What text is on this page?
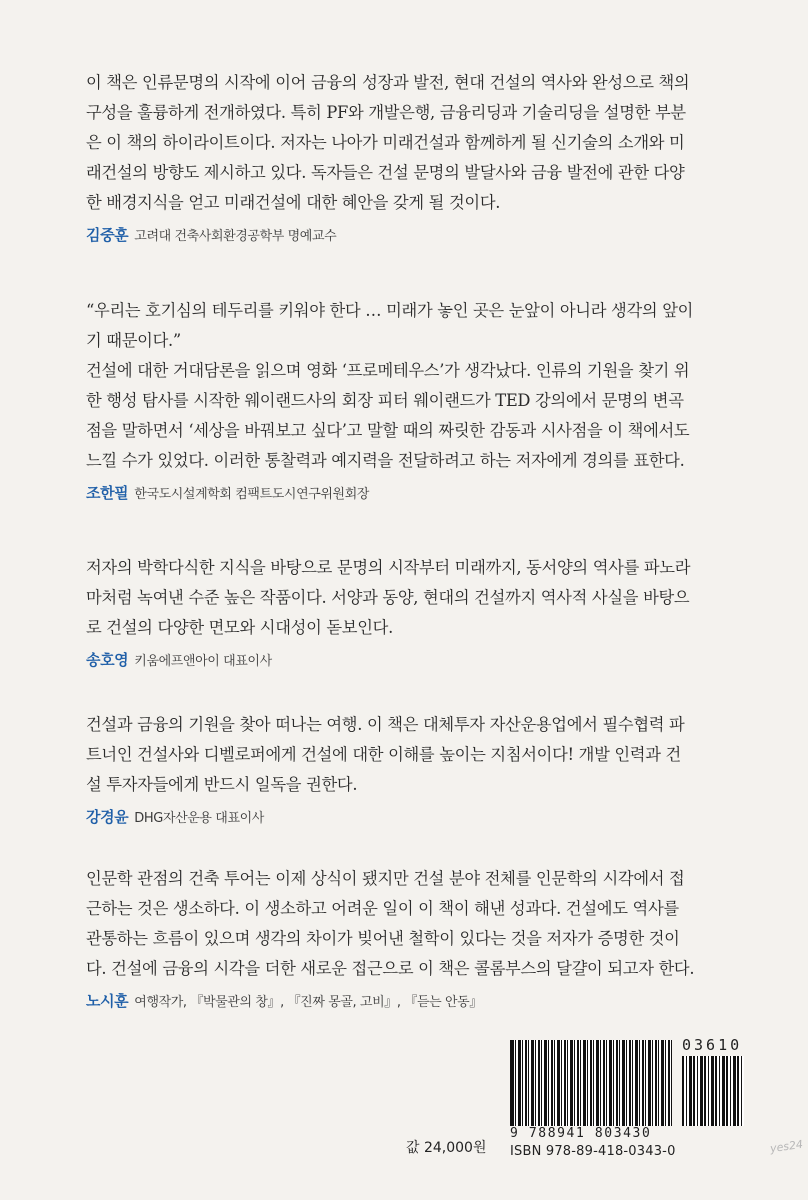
이 책은 인류문명의 시작에 이어 금융의 성장과 발전, 현대 건설의 역사와 완성으로 책의
구성을 훌륭하게 전개하였다. 특히 PF와 개발은행, 금융리딩과 기술리딩을 설명한 부분
은 이 책의 하이라이트이다. 저자는 나아가 미래건설과 함께하게 될 신기술의 소개와 미
래건설의 방향도 제시하고 있다. 독자들은 건설 문명의 발달사와 금융 발전에 관한 다양
한 배경지식을 얻고 미래건설에 대한 혜안을 갖게 될 것이다.

김중훈 고려대 건축사회환경공학부 명예교수

“우리는 호기심의 테두리를 키워야 한다 … 미래가 놓인 곳은 눈앞이 아니라 생각의 앞이
기 때문이다.”
건설에 대한 거대담론을 읽으며 영화 ‘프로메테우스’가 생각났다. 인류의 기원을 찾기 위
한 행성 탐사를 시작한 웨이랜드사의 회장 피터 웨이랜드가 TED 강의에서 문명의 변곡
점을 말하면서 ‘세상을 바꿔보고 싶다’고 말할 때의 짜릿한 감동과 시사점을 이 책에서도
느낄 수가 있었다. 이러한 통찰력과 예지력을 전달하려고 하는 저자에게 경의를 표한다.

조한필 한국도시설계학회 컴팩트도시연구위원회장

저자의 박학다식한 지식을 바탕으로 문명의 시작부터 미래까지, 동서양의 역사를 파노라
마처럼 녹여낸 수준 높은 작품이다. 서양과 동양, 현대의 건설까지 역사적 사실을 바탕으
로 건설의 다양한 면모와 시대성이 돋보인다.

송호영 키움에프앤아이 대표이사

건설과 금융의 기원을 찾아 떠나는 여행. 이 책은 대체투자 자산운용업에서 필수협력 파
트너인 건설사와 디벨로퍼에게 건설에 대한 이해를 높이는 지침서이다! 개발 인력과 건
설 투자자들에게 반드시 일독을 권한다.

강경윤 DHG자산운용 대표이사

인문학 관점의 건축 투어는 이제 상식이 됐지만 건설 분야 전체를 인문학의 시각에서 접
근하는 것은 생소하다. 이 생소하고 어려운 일이 이 책이 해낸 성과다. 건설에도 역사를
관통하는 흐름이 있으며 생각의 차이가 빚어낸 철학이 있다는 것을 저자가 증명한 것이
다. 건설에 금융의 시각을 더한 새로운 접근으로 이 책은 콜롬부스의 달걀이 되고자 한다.

노시훈 여행작가, 『박물관의 창』, 『진짜 몽골, 고비』, 『듣는 안동』
03610
9 788941 803430
ISBN 978-89-418-0343-0
값 24,000원	yes24
